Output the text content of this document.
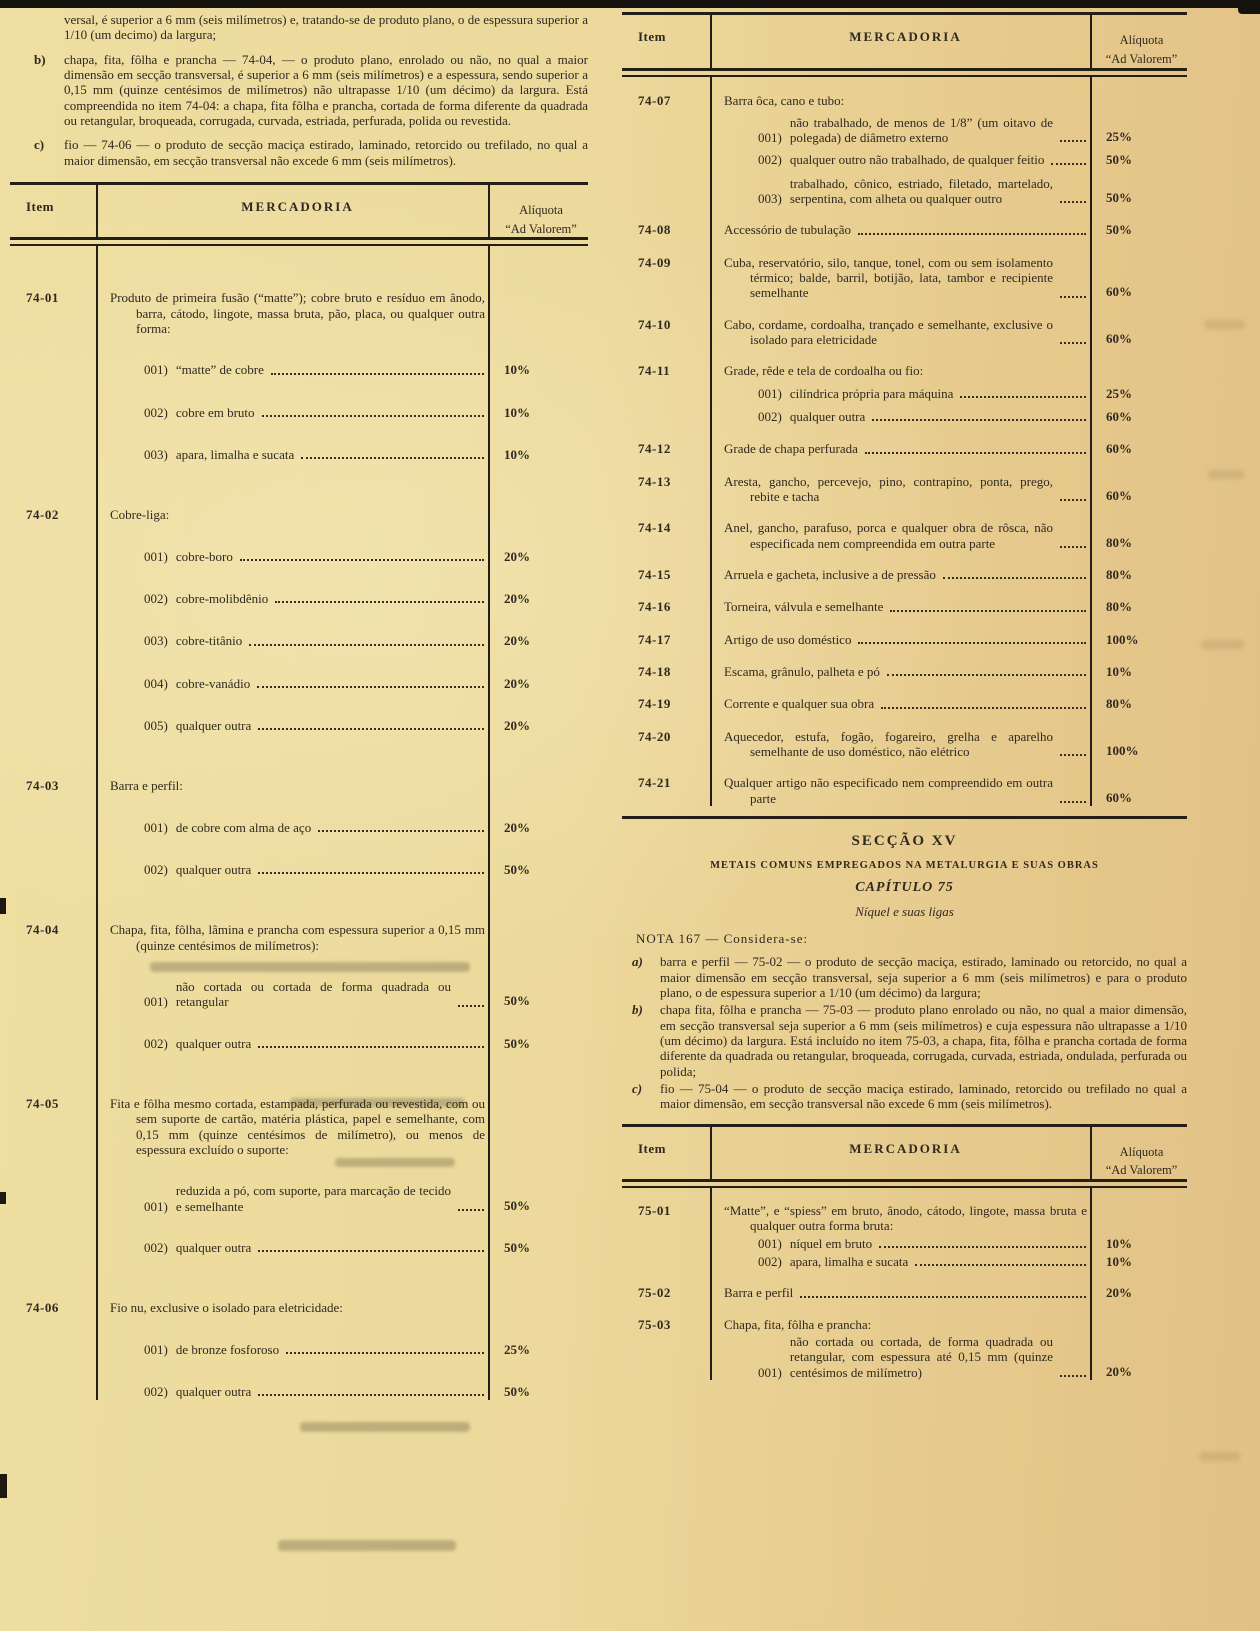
versal, é superior a 6 mm (seis milímetros) e, tratando-se de produto plano, o de espessura superior a 1/10 (um decimo) da largura;
b)	chapa, fita, fôlha e prancha — 74-04, — o produto plano, enrolado ou não, no qual a maior dimensão em secção transversal, é superior a 6 mm (seis milímetros) e a espessura, sendo superior a 0,15 mm (quinze centésimos de milímetros) não ultrapasse 1/10 (um décimo) da largura. Está compreendida no item 74-04: a chapa, fita fôlha e prancha, cortada de forma diferente da quadrada ou retangular, broqueada, corrugada, curvada, estriada, perfurada, polida ou revestida.
c)	fio — 74-06 — o produto de secção maciça estirado, laminado, retorcido ou trefilado, no qual a maior dimensão, em secção transversal não excede 6 mm (seis milímetros).
Item	MERCADORIA	Alíquota
“Ad Valorem”
74-01	Produto de primeira fusão (“matte”); cobre bruto e resíduo em ânodo, barra, cátodo, lingote, massa bruta, pão, placa, ou qualquer outra forma:
001) “matte” de cobre	10%
002) cobre em bruto	10%
003) apara, limalha e sucata	10%
74-02	Cobre-liga:
001) cobre-boro	20%
002) cobre-molibdênio	20%
003) cobre-titânio	20%
004) cobre-vanádio	20%
005) qualquer outra	20%
74-03	Barra e perfil:
001) de cobre com alma de aço	20%
002) qualquer outra	50%
74-04	Chapa, fita, fôlha, lâmina e prancha com espessura superior a 0,15 mm (quinze centésimos de milímetros):
001)
não cortada ou cortada de forma quadrada ou retangular	50%
002) qualquer outra	50%
74-05	Fita e fôlha mesmo cortada, estampada, perfurada ou revestida, com ou sem suporte de cartão, matéria plástica, papel e semelhante, com 0,15 mm (quinze centésimos de milímetro), ou menos de espessura excluído o suporte:
001)
reduzida a pó, com suporte, para marcação de tecido e semelhante	50%
002) qualquer outra	50%
74-06	Fio nu, exclusive o isolado para eletricidade:
001) de bronze fosforoso	25%
002) qualquer outra	50%
Item	MERCADORIA	Alíquota
“Ad Valorem”
74-07	Barra ôca, cano e tubo:
001)
não trabalhado, de menos de 1/8” (um oitavo de polegada) de diâmetro externo	25%
002) qualquer outro não trabalhado, de qualquer feitio	50%
003)
trabalhado, cônico, estriado, filetado, martelado, serpentina, com alheta ou qualquer outro	50%
74-08	Accessório de tubulação	50%
74-09	Cuba, reservatório, silo, tanque, tonel, com ou sem isolamento térmico; balde, barril, botijão, lata, tambor e recipiente semelhante	60%
74-10	Cabo, cordame, cordoalha, trançado e semelhante, exclusive o isolado para eletricidade	60%
74-11	Grade, rêde e tela de cordoalha ou fio:
001) cilíndrica própria para máquina	25%
002) qualquer outra	60%
74-12	Grade de chapa perfurada	60%
74-13	Aresta, gancho, percevejo, pino, contrapino, ponta, prego, rebite e tacha	60%
74-14	Anel, gancho, parafuso, porca e qualquer obra de rôsca, não especificada nem compreendida em outra parte	80%
74-15	Arruela e gacheta, inclusive a de pressão	80%
74-16	Torneira, válvula e semelhante	80%
74-17	Artigo de uso doméstico	100%
74-18	Escama, grânulo, palheta e pó	10%
74-19	Corrente e qualquer sua obra	80%
74-20	Aquecedor, estufa, fogão, fogareiro, grelha e aparelho semelhante de uso doméstico, não elétrico	100%
74-21	Qualquer artigo não especificado nem compreendido em outra parte	60%
SECÇÃO XV
METAIS COMUNS EMPREGADOS NA METALURGIA E SUAS OBRAS
CAPÍTULO 75
Níquel e suas ligas
NOTA 167 — Considera-se:
a)	barra e perfil — 75-02 — o produto de secção maciça, estirado, laminado ou retorcido, no qual a maior dimensão em secção transversal, seja superior a 6 mm (seis milímetros) e para o produto plano, o de espessura superior a 1/10 (um décimo) da largura;
b)	chapa fita, fôlha e prancha — 75-03 — produto plano enrolado ou não, no qual a maior dimensão, em secção transversal seja superior a 6 mm (seis milímetros) e cuja espessura não ultrapasse a 1/10 (um décimo) da largura. Está incluído no item 75-03, a chapa, fita, fôlha e prancha cortada de forma diferente da quadrada ou retangular, broqueada, corrugada, curvada, estriada, ondulada, perfurada ou polida;
c)	fio — 75-04 — o produto de secção maciça estirado, laminado, retorcido ou trefilado no qual a maior dimensão, em secção transversal não excede 6 mm (seis milímetros).
Item	MERCADORIA	Alíquota
“Ad Valorem”
75-01	“Matte”, e “spiess” em bruto, ânodo, cátodo, lingote, massa bruta e qualquer outra forma bruta:
001) níquel em bruto	10%
002) apara, limalha e sucata	10%
75-02	Barra e perfil	20%
75-03	Chapa, fita, fôlha e prancha:
001)
não cortada ou cortada, de forma quadrada ou retangular, com espessura até 0,15 mm (quinze centésimos de milímetro)	20%
